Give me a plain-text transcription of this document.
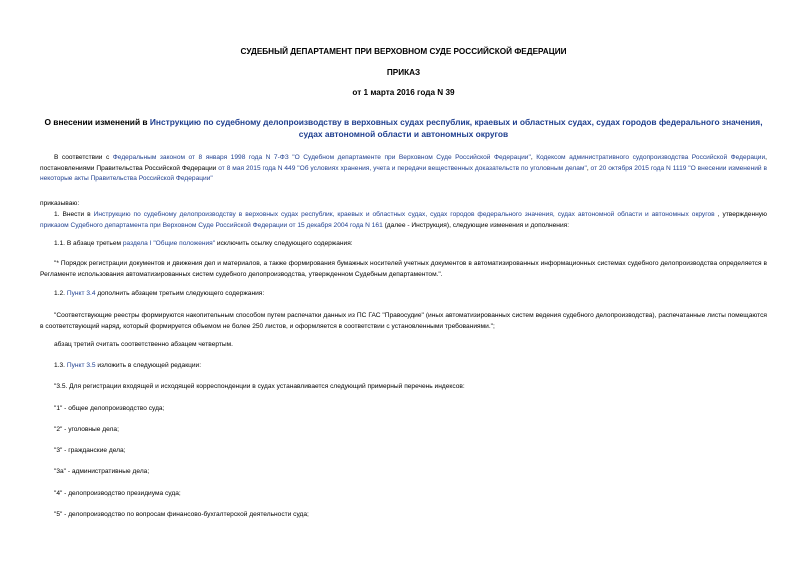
СУДЕБНЫЙ ДЕПАРТАМЕНТ ПРИ ВЕРХОВНОМ СУДЕ РОССИЙСКОЙ ФЕДЕРАЦИИ
ПРИКАЗ
от 1 марта 2016 года N 39
О внесении изменений в Инструкцию по судебному делопроизводству в верховных судах республик, краевых и областных судах, судах городов федерального значения, судах автономной области и автономных округов
В соответствии с Федеральным законом от 8 января 1998 года N 7-ФЗ "О Судебном департаменте при Верховном Суде Российской Федерации", Кодексом административного судопроизводства Российской Федерации, постановлениями Правительства Российской Федерации от 8 мая 2015 года N 449 "Об условиях хранения, учета и передачи вещественных доказательств по уголовным делам", от 20 октября 2015 года N 1119 "О внесении изменений в некоторые акты Правительства Российской Федерации"
приказываю:
1. Внести в Инструкцию по судебному делопроизводству в верховных судах республик, краевых и областных судах, судах городов федерального значения, судах автономной области и автономных округов , утвержденную приказом Судебного департамента при Верховном Суде Российской Федерации от 15 декабря 2004 года N 161 (далее - Инструкция), следующие изменения и дополнения:
1.1. В абзаце третьем раздела I "Общие положения" исключить ссылку следующего содержания:
"* Порядок регистрации документов и движения дел и материалов, а также формирования бумажных носителей учетных документов в автоматизированных информационных системах судебного делопроизводства определяется в Регламенте использования автоматизированных систем судебного делопроизводства, утвержденном Судебным департаментом.".
1.2. Пункт 3.4 дополнить абзацем третьим следующего содержания:
"Соответствующие реестры формируются накопительным способом путем распечатки данных из ПС ГАС "Правосудие" (иных автоматизированных систем ведения судебного делопроизводства), распечатанные листы помещаются в соответствующий наряд, который формируется объемом не более 250 листов, и оформляется в соответствии с установленными требованиями.";
абзац третий считать соответственно абзацем четвертым.
1.3. Пункт 3.5 изложить в следующей редакции:
"3.5. Для регистрации входящей и исходящей корреспонденции в судах устанавливается следующий примерный перечень индексов:
"1" - общее делопроизводство суда;
"2" - уголовные дела;
"3" - гражданские дела;
"3а" - административные дела;
"4" - делопроизводство президиума суда;
"5" - делопроизводство по вопросам финансово-бухгалтерской деятельности суда;
